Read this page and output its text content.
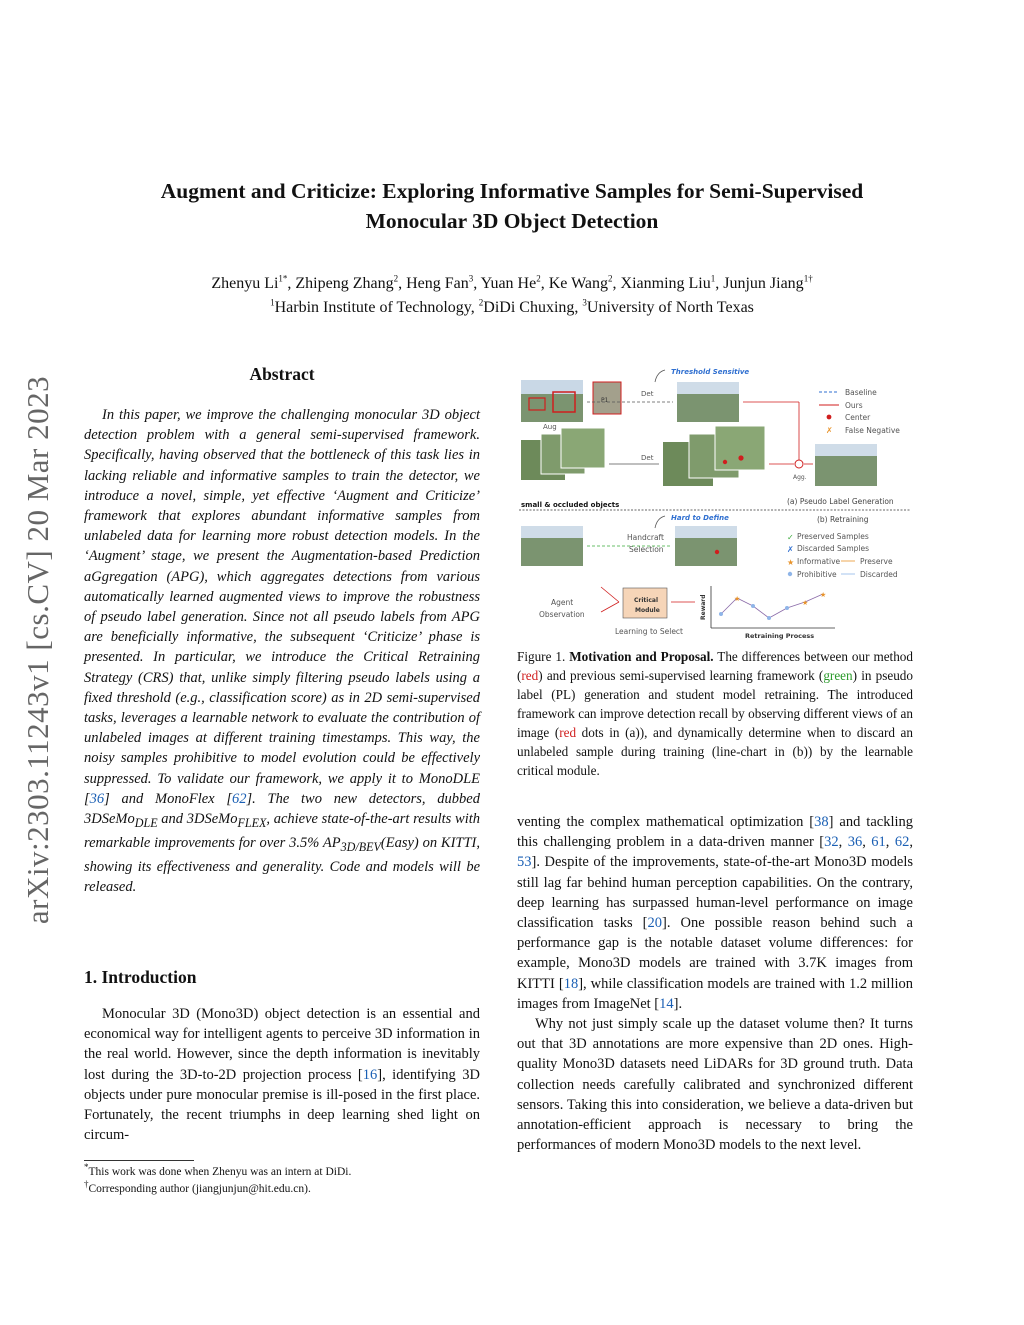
arXiv:2303.11243v1 [cs.CV] 20 Mar 2023
Augment and Criticize: Exploring Informative Samples for Semi-Supervised
Monocular 3D Object Detection
Zhenyu $Li^{1*}$, Zhipeng Zhang$^2$, Heng Fan$^3$, Yuan He$^2$, Ke Wang$^2$, Xianming Liu$^1$, Junjun Jiang$^{1\dagger}$
$^1$Harbin Institute of Technology, $^2$DiDi Chuxing, $^3$University of North Texas
Abstract

In this paper, we improve the challenging monocular 3D object detection problem with a general semi-supervised framework. Specifically, having observed that the bottleneck of this task lies in lacking reliable and informative samples to train the detector, we introduce a novel, simple, yet effective ‘Augment and Criticize’ framework that explores abundant informative samples from unlabeled data for learning more robust detection models. In the ‘Augment’ stage, we present the Augmentation-based Prediction aGgregation (APG), which aggregates detections from various automatically learned augmented views to improve the robustness of pseudo label generation. Since not all pseudo labels from APG are beneficially informative, the subsequent ‘Criticize’ phase is presented. In particular, we introduce the Critical Retraining Strategy (CRS) that, unlike simply filtering pseudo labels using a fixed threshold (e.g., classification score) as in 2D semi-supervised tasks, leverages a learnable network to evaluate the contribution of unlabeled images at different training timestamps. This way, the noisy samples prohibitive to model evolution could be effectively suppressed. To validate our framework, we apply it to MonoDLE [36] and MonoFlex [62]. The two new detectors, dubbed 3DSeMo$_{DLE}$ and 3DSeMo$_{FLEX}$, achieve state-of-the-art results with remarkable improvements for over 3.5% $AP_{3D/BEV}(Easy)$ on KITTI, showing its effectiveness and generality. Code and models will be released.

1. Introduction

Monocular 3D (Mono3D) object detection is an essential and economical way for intelligent agents to perceive 3D information in the real world. However, since the depth information is inevitably lost during the 3D-to-2D projection process [16], identifying 3D objects under pure monocular premise is ill-posed in the first place. Fortunately, the recent triumphs in deep learning shed light on circum-

*This work was done when Zhenyu was an intern at DiDi.
†Corresponding author (jiangjunjun@hit.edu.cn).
P1
Threshold Sensitive
Det
Aug
Det
Agg.
Baseline
Ours
Center
✗ False Negative
small & occluded objects	(a) Pseudo Label Generation
(b) Retraining
Hard to Define
Handcraft
Selection
✓ Preserved Samples
✗ Discarded Samples
★ Informative	Preserve
Prohibitive	Discarded
Agent
Observation
Critical
Module
Learning to Select
Reward
Retraining Process
★	★
★
Figure 1. Motivation and Proposal. The differences between our method (red) and previous semi-supervised learning framework (green) in pseudo label (PL) generation and student model retraining. The introduced framework can improve detection recall by observing different views of an image (red dots in (a)), and dynamically determine when to discard an unlabeled sample during training (line-chart in (b)) by the learnable critical module.

venting the complex mathematical optimization [38] and tackling this challenging problem in a data-driven manner [32, 36, 61, 62, 53]. Despite of the improvements, state-of-the-art Mono3D models still lag far behind human perception capabilities. On the contrary, deep learning has surpassed human-level performance on image classification tasks [20]. One possible reason behind such a performance gap is the notable dataset volume differences: for example, Mono3D models are trained with 3.7K images from KITTI [18], while classification models are trained with 1.2 million images from ImageNet [14].

Why not just simply scale up the dataset volume then? It turns out that 3D annotations are more expensive than 2D ones. High-quality Mono3D datasets need LiDARs for 3D ground truth. Data collection needs carefully calibrated and synchronized different sensors. Taking this into consideration, we believe a data-driven but annotation-efficient approach is necessary to bring the performances of modern Mono3D models to the next level.
